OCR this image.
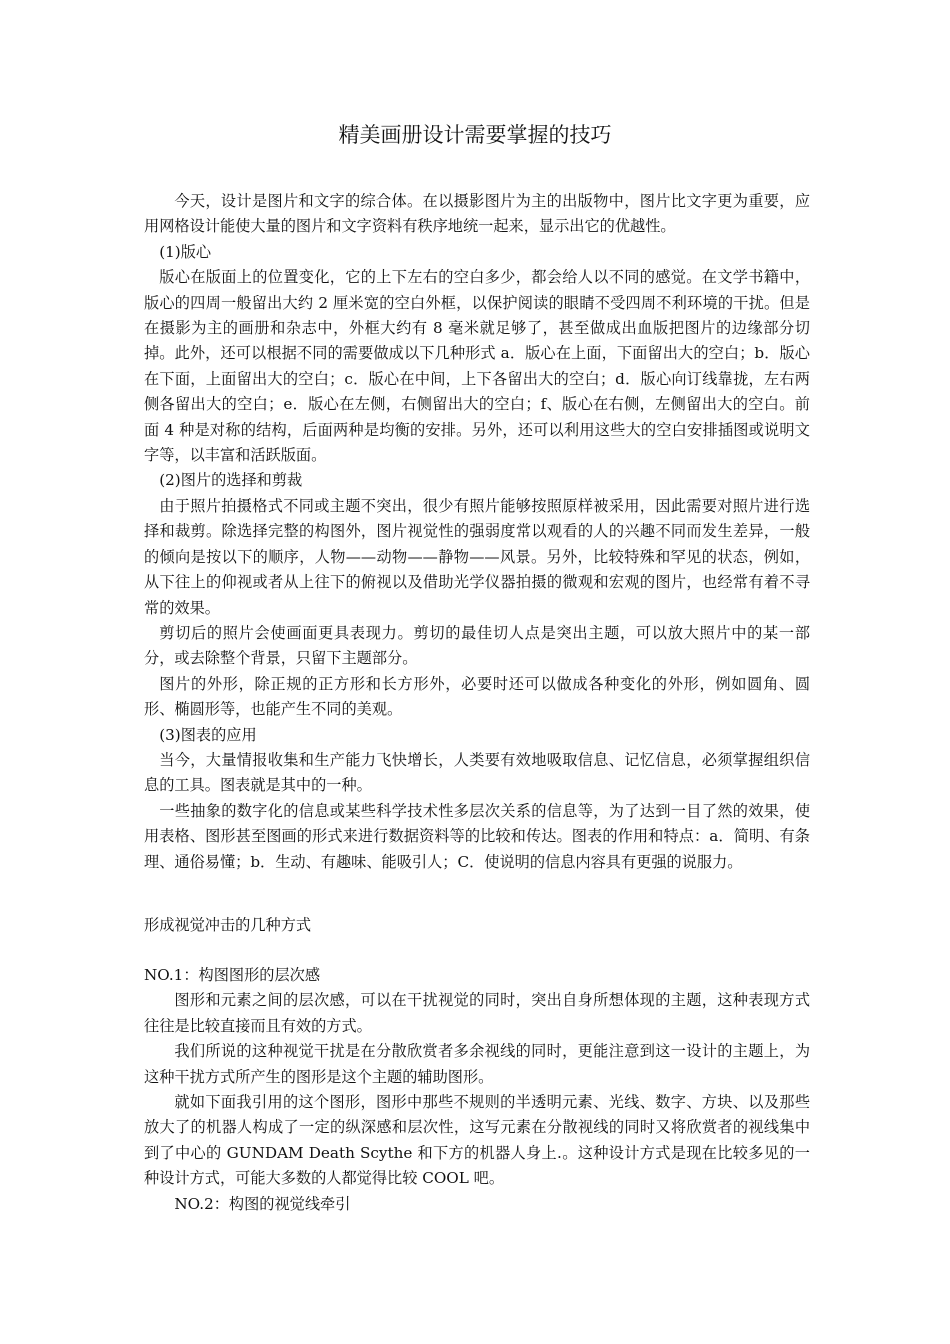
精美画册设计需要掌握的技巧

今天，设计是图片和文字的综合体。在以摄影图片为主的出版物中，图片比文字更为重要，应用网格设计能使大量的图片和文字资料有秩序地统一起来，显示出它的优越性。

(1)版心

版心在版面上的位置变化，它的上下左右的空白多少，都会给人以不同的感觉。在文学书籍中，版心的四周一般留出大约 2 厘米宽的空白外框，以保护阅读的眼睛不受四周不利环境的干扰。但是在摄影为主的画册和杂志中，外框大约有 8 毫米就足够了，甚至做成出血版把图片的边缘部分切掉。此外，还可以根据不同的需要做成以下几种形式 a．版心在上面，下面留出大的空白；b．版心在下面，上面留出大的空白；c．版心在中间，上下各留出大的空白；d．版心向订线靠拢，左右两侧各留出大的空白；e．版心在左侧，右侧留出大的空白；f、版心在右侧，左侧留出大的空白。前面 4 种是对称的结构，后面两种是均衡的安排。另外，还可以利用这些大的空白安排插图或说明文字等，以丰富和活跃版面。

(2)图片的选择和剪裁

由于照片拍摄格式不同或主题不突出，很少有照片能够按照原样被采用，因此需要对照片进行选择和裁剪。除选择完整的构图外，图片视觉性的强弱度常以观看的人的兴趣不同而发生差异，一般的倾向是按以下的顺序，人物——动物——静物——风景。另外，比较特殊和罕见的状态，例如，从下往上的仰视或者从上往下的俯视以及借助光学仪器拍摄的微观和宏观的图片，也经常有着不寻常的效果。

剪切后的照片会使画面更具表现力。剪切的最佳切人点是突出主题，可以放大照片中的某一部分，或去除整个背景，只留下主题部分。

图片的外形，除正规的正方形和长方形外，必要时还可以做成各种变化的外形，例如圆角、圆形、椭圆形等，也能产生不同的美观。

(3)图表的应用

当今，大量情报收集和生产能力飞快增长，人类要有效地吸取信息、记忆信息，必须掌握组织信息的工具。图表就是其中的一种。

一些抽象的数字化的信息或某些科学技术性多层次关系的信息等，为了达到一目了然的效果，使用表格、图形甚至图画的形式来进行数据资料等的比较和传达。图表的作用和特点：a．简明、有条理、通俗易懂；b．生动、有趣味、能吸引人；C．使说明的信息内容具有更强的说服力。

形成视觉冲击的几种方式

NO.1：构图图形的层次感

图形和元素之间的层次感，可以在干扰视觉的同时，突出自身所想体现的主题，这种表现方式往往是比较直接而且有效的方式。

我们所说的这种视觉干扰是在分散欣赏者多余视线的同时，更能注意到这一设计的主题上，为这种干扰方式所产生的图形是这个主题的辅助图形。

就如下面我引用的这个图形，图形中那些不规则的半透明元素、光线、数字、方块、以及那些放大了的机器人构成了一定的纵深感和层次性，这写元素在分散视线的同时又将欣赏者的视线集中到了中心的 GUNDAM Death Scythe 和下方的机器人身上.。这种设计方式是现在比较多见的一种设计方式，可能大多数的人都觉得比较 COOL 吧。

NO.2：构图的视觉线牵引
